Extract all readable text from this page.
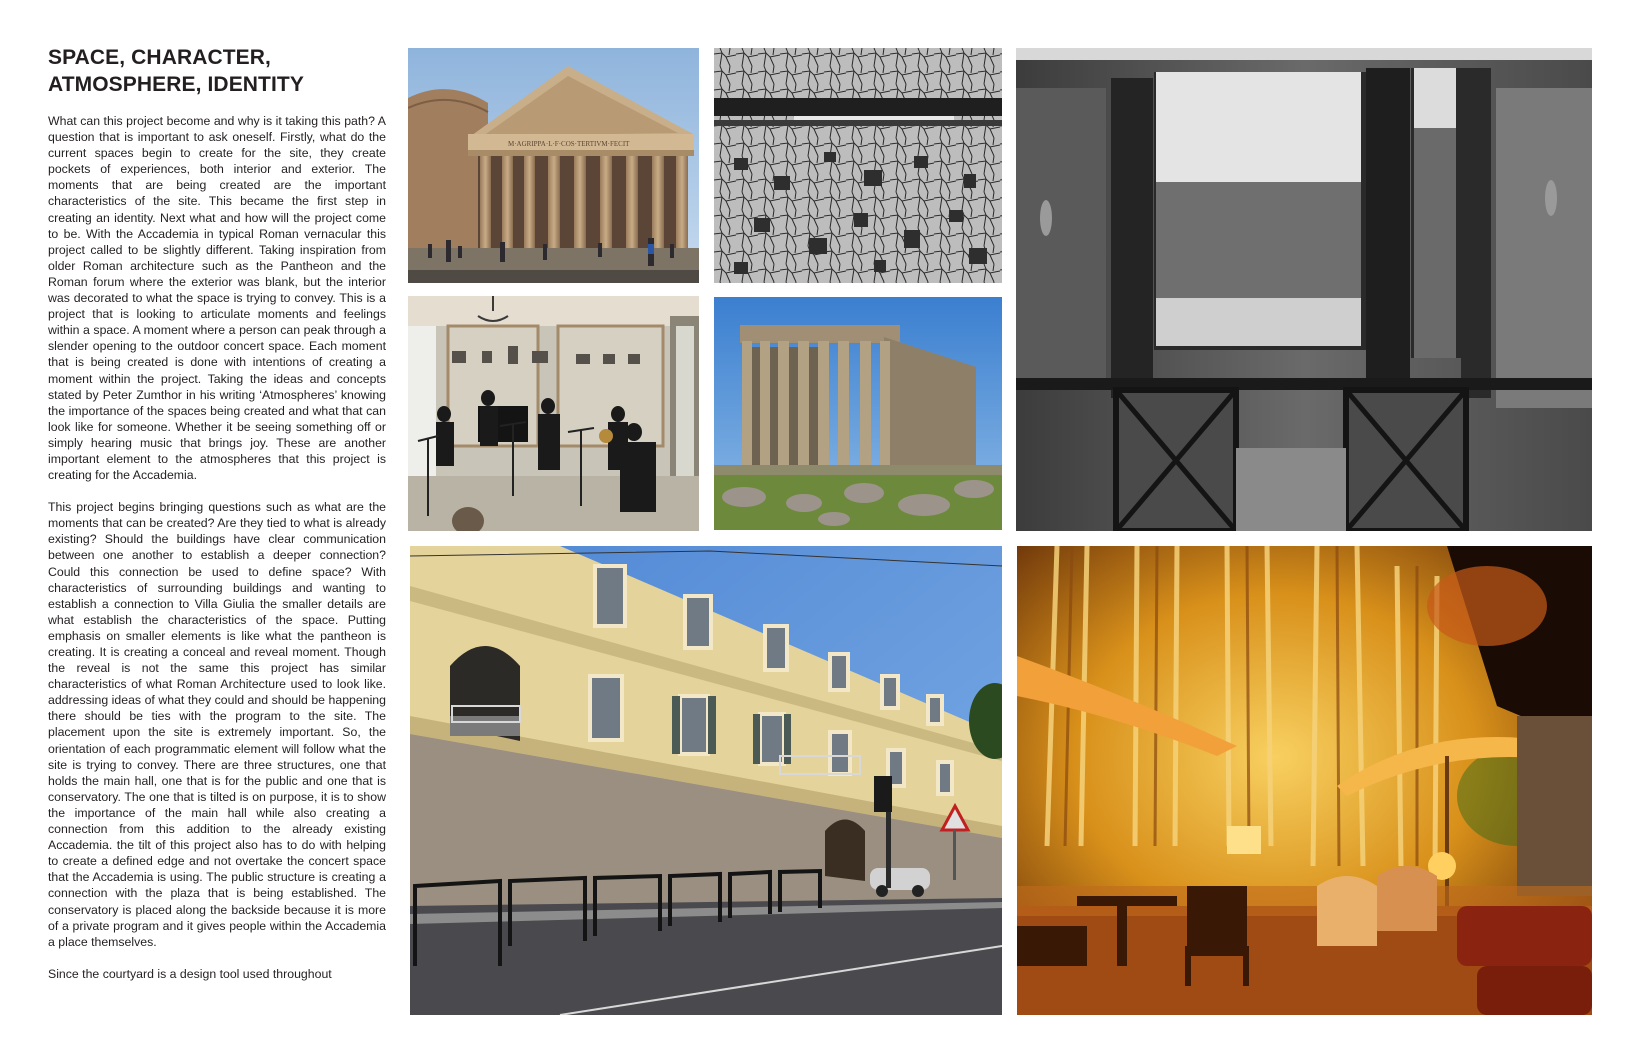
SPACE, CHARACTER,
ATMOSPHERE, IDENTITY

What can this project become and why is it taking this path? A question that is important to ask oneself. Firstly, what do the current spaces begin to create for the site, they create pockets of experiences, both interior and exterior. The moments that are being created are the important characteristics of the site. This became the first step in creating an identity. Next what and how will the project come to be. With the Accademia in typical Roman vernacular this project called to be slightly different. Taking inspiration from older Roman architecture such as the Pantheon and the Roman forum where the exterior was blank, but the interior was decorated to what the space is trying to convey. This is a project that is looking to articulate moments and feelings within a space. A moment where a person can peak through a slender opening to the outdoor concert space. Each moment that is being created is done with intentions of creating a moment within the project. Taking the ideas and concepts stated by Peter Zumthor in his writing ‘Atmospheres’ knowing the importance of the spaces being created and what that can look like for someone. Whether it be seeing something off or simply hearing music that brings joy. These are another important element to the atmospheres that this project is creating for the Accademia.

This project begins bringing questions such as what are the moments that can be created? Are they tied to what is already existing? Should the buildings have clear communication between one another to establish a deeper connection? Could this connection be used to define space? With characteristics of surrounding buildings and wanting to establish a connection to Villa Giulia the smaller details are what establish the characteristics of the space. Putting emphasis on smaller elements is like what the pantheon is creating. It is creating a conceal and reveal moment. Though the reveal is not the same this project has similar characteristics of what Roman Architecture used to look like. addressing ideas of what they could and should be happening there should be ties with the program to the site. The placement upon the site is extremely important. So, the orientation of each programmatic element will follow what the site is trying to convey. There are three structures, one that holds the main hall, one that is for the public and one that is conservatory. The one that is tilted is on purpose, it is to show the importance of the main hall while also creating a connection from this addition to the already existing Accademia. the tilt of this project also has to do with helping to create a defined edge and not overtake the concert space that the Accademia is using. The public structure is creating a connection with the plaza that is being established. The conservatory is placed along the backside because it is more of a private program and it gives people within the Accademia a place themselves.

Since the courtyard is a design tool used throughout

M·AGRIPPA·L·F·COS·TERTIVM·FECIT
